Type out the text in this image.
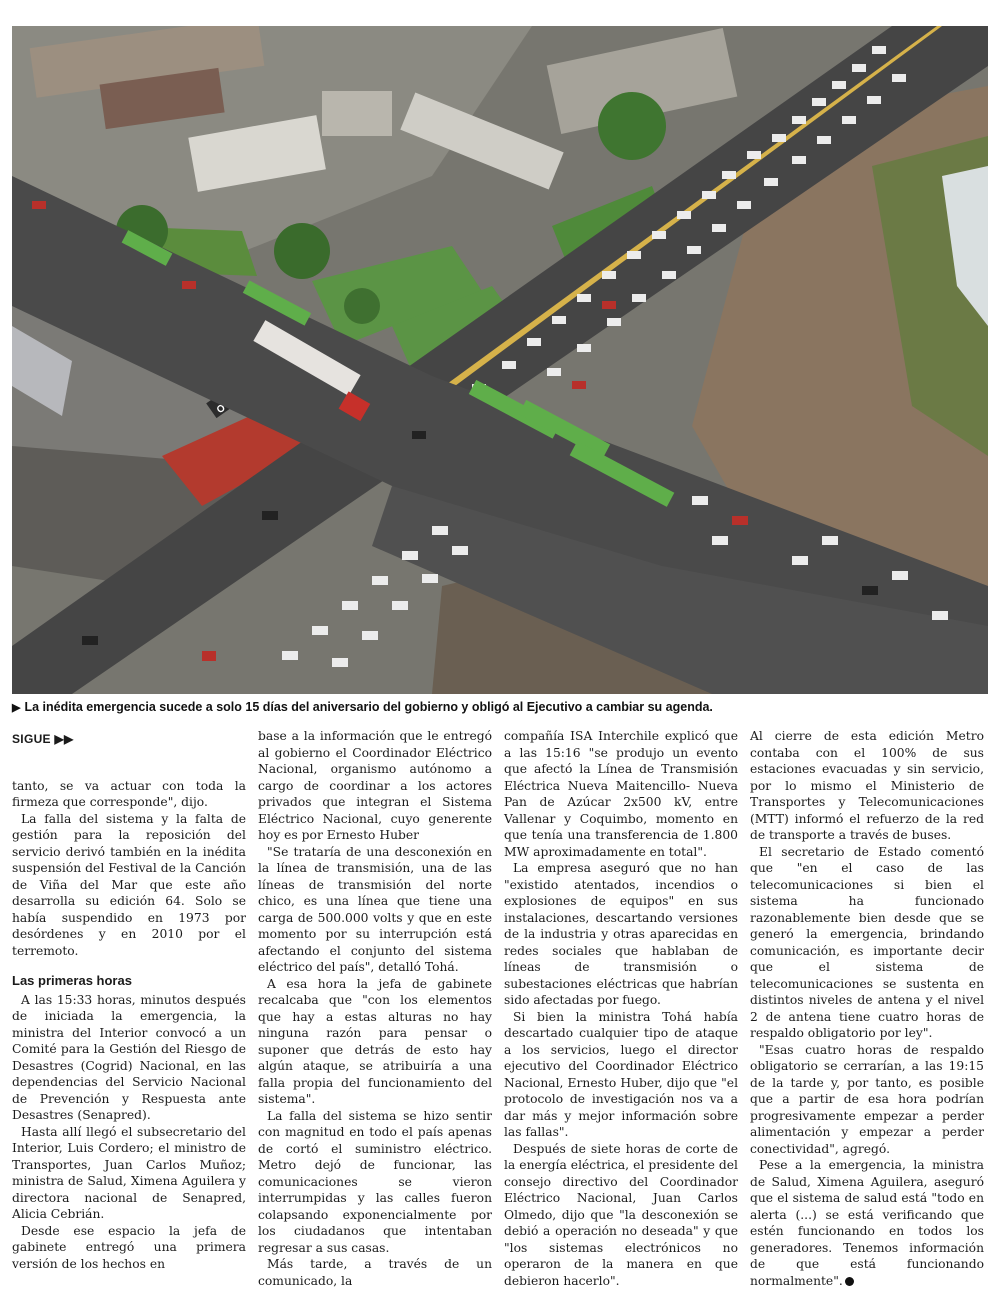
▶ La inédita emergencia sucede a solo 15 días del aniversario del gobierno y obligó al Ejecutivo a cambiar su agenda.
SIGUE ▶▶

tanto, se va actuar con toda la firmeza que corresponde", dijo.

La falla del sistema y la falta de gestión para la reposición del servicio derivó también en la inédita suspensión del Festival de la Canción de Viña del Mar que este año desarrolla su edición 64. Solo se había suspendido en 1973 por desórdenes y en 2010 por el terremoto.

Las primeras horas

A las 15:33 horas, minutos después de iniciada la emergencia, la ministra del Interior convocó a un Comité para la Gestión del Riesgo de Desastres (Cogrid) Nacional, en las dependencias del Servicio Nacional de Prevención y Respuesta ante Desastres (Senapred).

Hasta allí llegó el subsecretario del Interior, Luis Cordero; el ministro de Transportes, Juan Carlos Muñoz; ministra de Salud, Ximena Aguilera y directora nacional de Senapred, Alicia Cebrián.

Desde ese espacio la jefa de gabinete entregó una primera versión de los hechos en

base a la información que le entregó al gobierno el Coordinador Eléctrico Nacional, organismo autónomo a cargo de coordinar a los actores privados que integran el Sistema Eléctrico Nacional, cuyo generente hoy es por Ernesto Huber

"Se trataría de una desconexión en la línea de transmisión, una de las líneas de transmisión del norte chico, es una línea que tiene una carga de 500.000 volts y que en este momento por su interrupción está afectando el conjunto del sistema eléctrico del país", detalló Tohá.

A esa hora la jefa de gabinete recalcaba que "con los elementos que hay a estas alturas no hay ninguna razón para pensar o suponer que detrás de esto hay algún ataque, se atribuiría a una falla propia del funcionamiento del sistema".

La falla del sistema se hizo sentir con magnitud en todo el país apenas de cortó el suministro eléctrico. Metro dejó de funcionar, las comunicaciones se vieron interrumpidas y las calles fueron colapsando exponencialmente por los ciudadanos que intentaban regresar a sus casas.

Más tarde, a través de un comunicado, la

compañía ISA Interchile explicó que a las 15:16 "se produjo un evento que afectó la Línea de Transmisión Eléctrica Nueva Maitencillo- Nueva Pan de Azúcar 2x500 kV, entre Vallenar y Coquimbo, momento en que tenía una transferencia de 1.800 MW aproximadamente en total".

La empresa aseguró que no han "existido atentados, incendios o explosiones de equipos" en sus instalaciones, descartando versiones de la industria y otras aparecidas en redes sociales que hablaban de líneas de transmisión o subestaciones eléctricas que habrían sido afectadas por fuego.

Si bien la ministra Tohá había descartado cualquier tipo de ataque a los servicios, luego el director ejecutivo del Coordinador Eléctrico Nacional, Ernesto Huber, dijo que "el protocolo de investigación nos va a dar más y mejor información sobre las fallas".

Después de siete horas de corte de la energía eléctrica, el presidente del consejo directivo del Coordinador Eléctrico Nacional, Juan Carlos Olmedo, dijo que "la desconexión se debió a operación no deseada" y que "los sistemas electrónicos no operaron de la manera en que debieron hacerlo".

Al cierre de esta edición Metro contaba con el 100% de sus estaciones evacuadas y sin servicio, por lo mismo el Ministerio de Transportes y Telecomunicaciones (MTT) informó el refuerzo de la red de transporte a través de buses.

El secretario de Estado comentó que "en el caso de las telecomunicaciones si bien el sistema ha funcionado razonablemente bien desde que se generó la emergencia, brindando comunicación, es importante decir que el sistema de telecomunicaciones se sustenta en distintos niveles de antena y el nivel 2 de antena tiene cuatro horas de respaldo obligatorio por ley".

"Esas cuatro horas de respaldo obligatorio se cerrarían, a las 19:15 de la tarde y, por tanto, es posible que a partir de esa hora podrían progresivamente empezar a perder alimentación y empezar a perder conectividad", agregó.

Pese a la emergencia, la ministra de Salud, Ximena Aguilera, aseguró que el sistema de salud está "todo en alerta (...) se está verificando que estén funcionando en todos los generadores. Tenemos información de que está funcionando normalmente".
